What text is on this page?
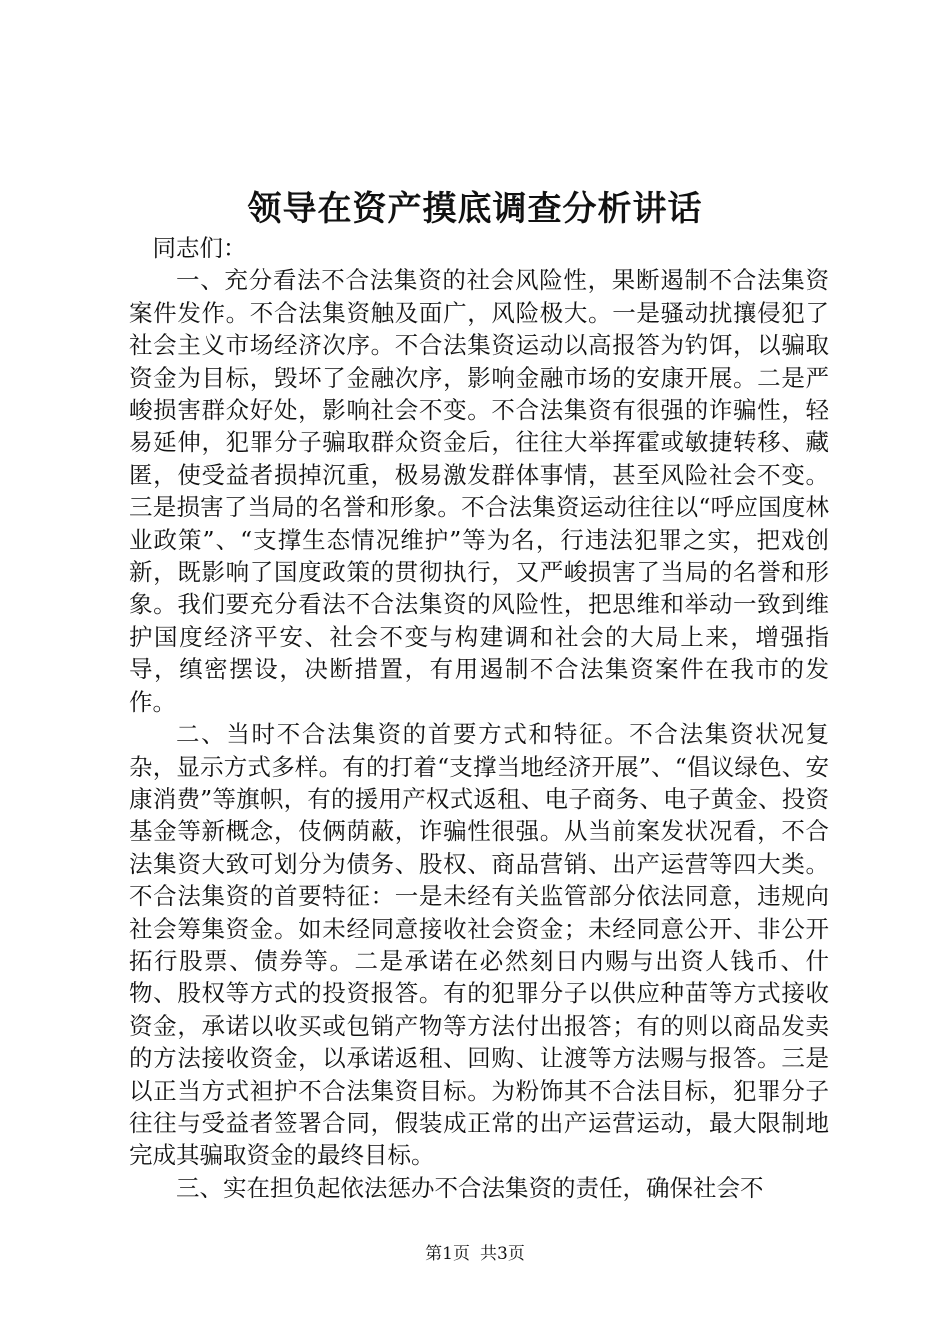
领导在资产摸底调查分析讲话

同志们：

一、充分看法不合法集资的社会风险性，果断遏制不合法集资案件发作。不合法集资触及面广，风险极大。一是骚动扰攘侵犯了社会主义市场经济次序。不合法集资运动以高报答为钓饵，以骗取资金为目标，毁坏了金融次序，影响金融市场的安康开展。二是严峻损害群众好处，影响社会不变。不合法集资有很强的诈骗性，轻易延伸，犯罪分子骗取群众资金后，往往大举挥霍或敏捷转移、藏匿，使受益者损掉沉重，极易激发群体事情，甚至风险社会不变。三是损害了当局的名誉和形象。不合法集资运动往往以“呼应国度林业政策”、“支撑生态情况维护”等为名，行违法犯罪之实，把戏创新，既影响了国度政策的贯彻执行，又严峻损害了当局的名誉和形象。我们要充分看法不合法集资的风险性，把思维和举动一致到维护国度经济平安、社会不变与构建调和社会的大局上来，增强指导，缜密摆设，决断措置，有用遏制不合法集资案件在我市的发作。

二、当时不合法集资的首要方式和特征。不合法集资状况复杂，显示方式多样。有的打着“支撑当地经济开展”、“倡议绿色、安康消费”等旗帜，有的援用产权式返租、电子商务、电子黄金、投资基金等新概念，伎俩荫蔽，诈骗性很强。从当前案发状况看，不合法集资大致可划分为债务、股权、商品营销、出产运营等四大类。不合法集资的首要特征：一是未经有关监管部分依法同意，违规向社会筹集资金。如未经同意接收社会资金；未经同意公开、非公开拓行股票、债券等。二是承诺在必然刻日内赐与出资人钱币、什物、股权等方式的投资报答。有的犯罪分子以供应种苗等方式接收资金，承诺以收买或包销产物等方法付出报答；有的则以商品发卖的方法接收资金，以承诺返租、回购、让渡等方法赐与报答。三是以正当方式袒护不合法集资目标。为粉饰其不合法目标，犯罪分子往往与受益者签署合同，假装成正常的出产运营运动，最大限制地完成其骗取资金的最终目标。

三、实在担负起依法惩办不合法集资的责任，确保社会不

第1页 共3页
